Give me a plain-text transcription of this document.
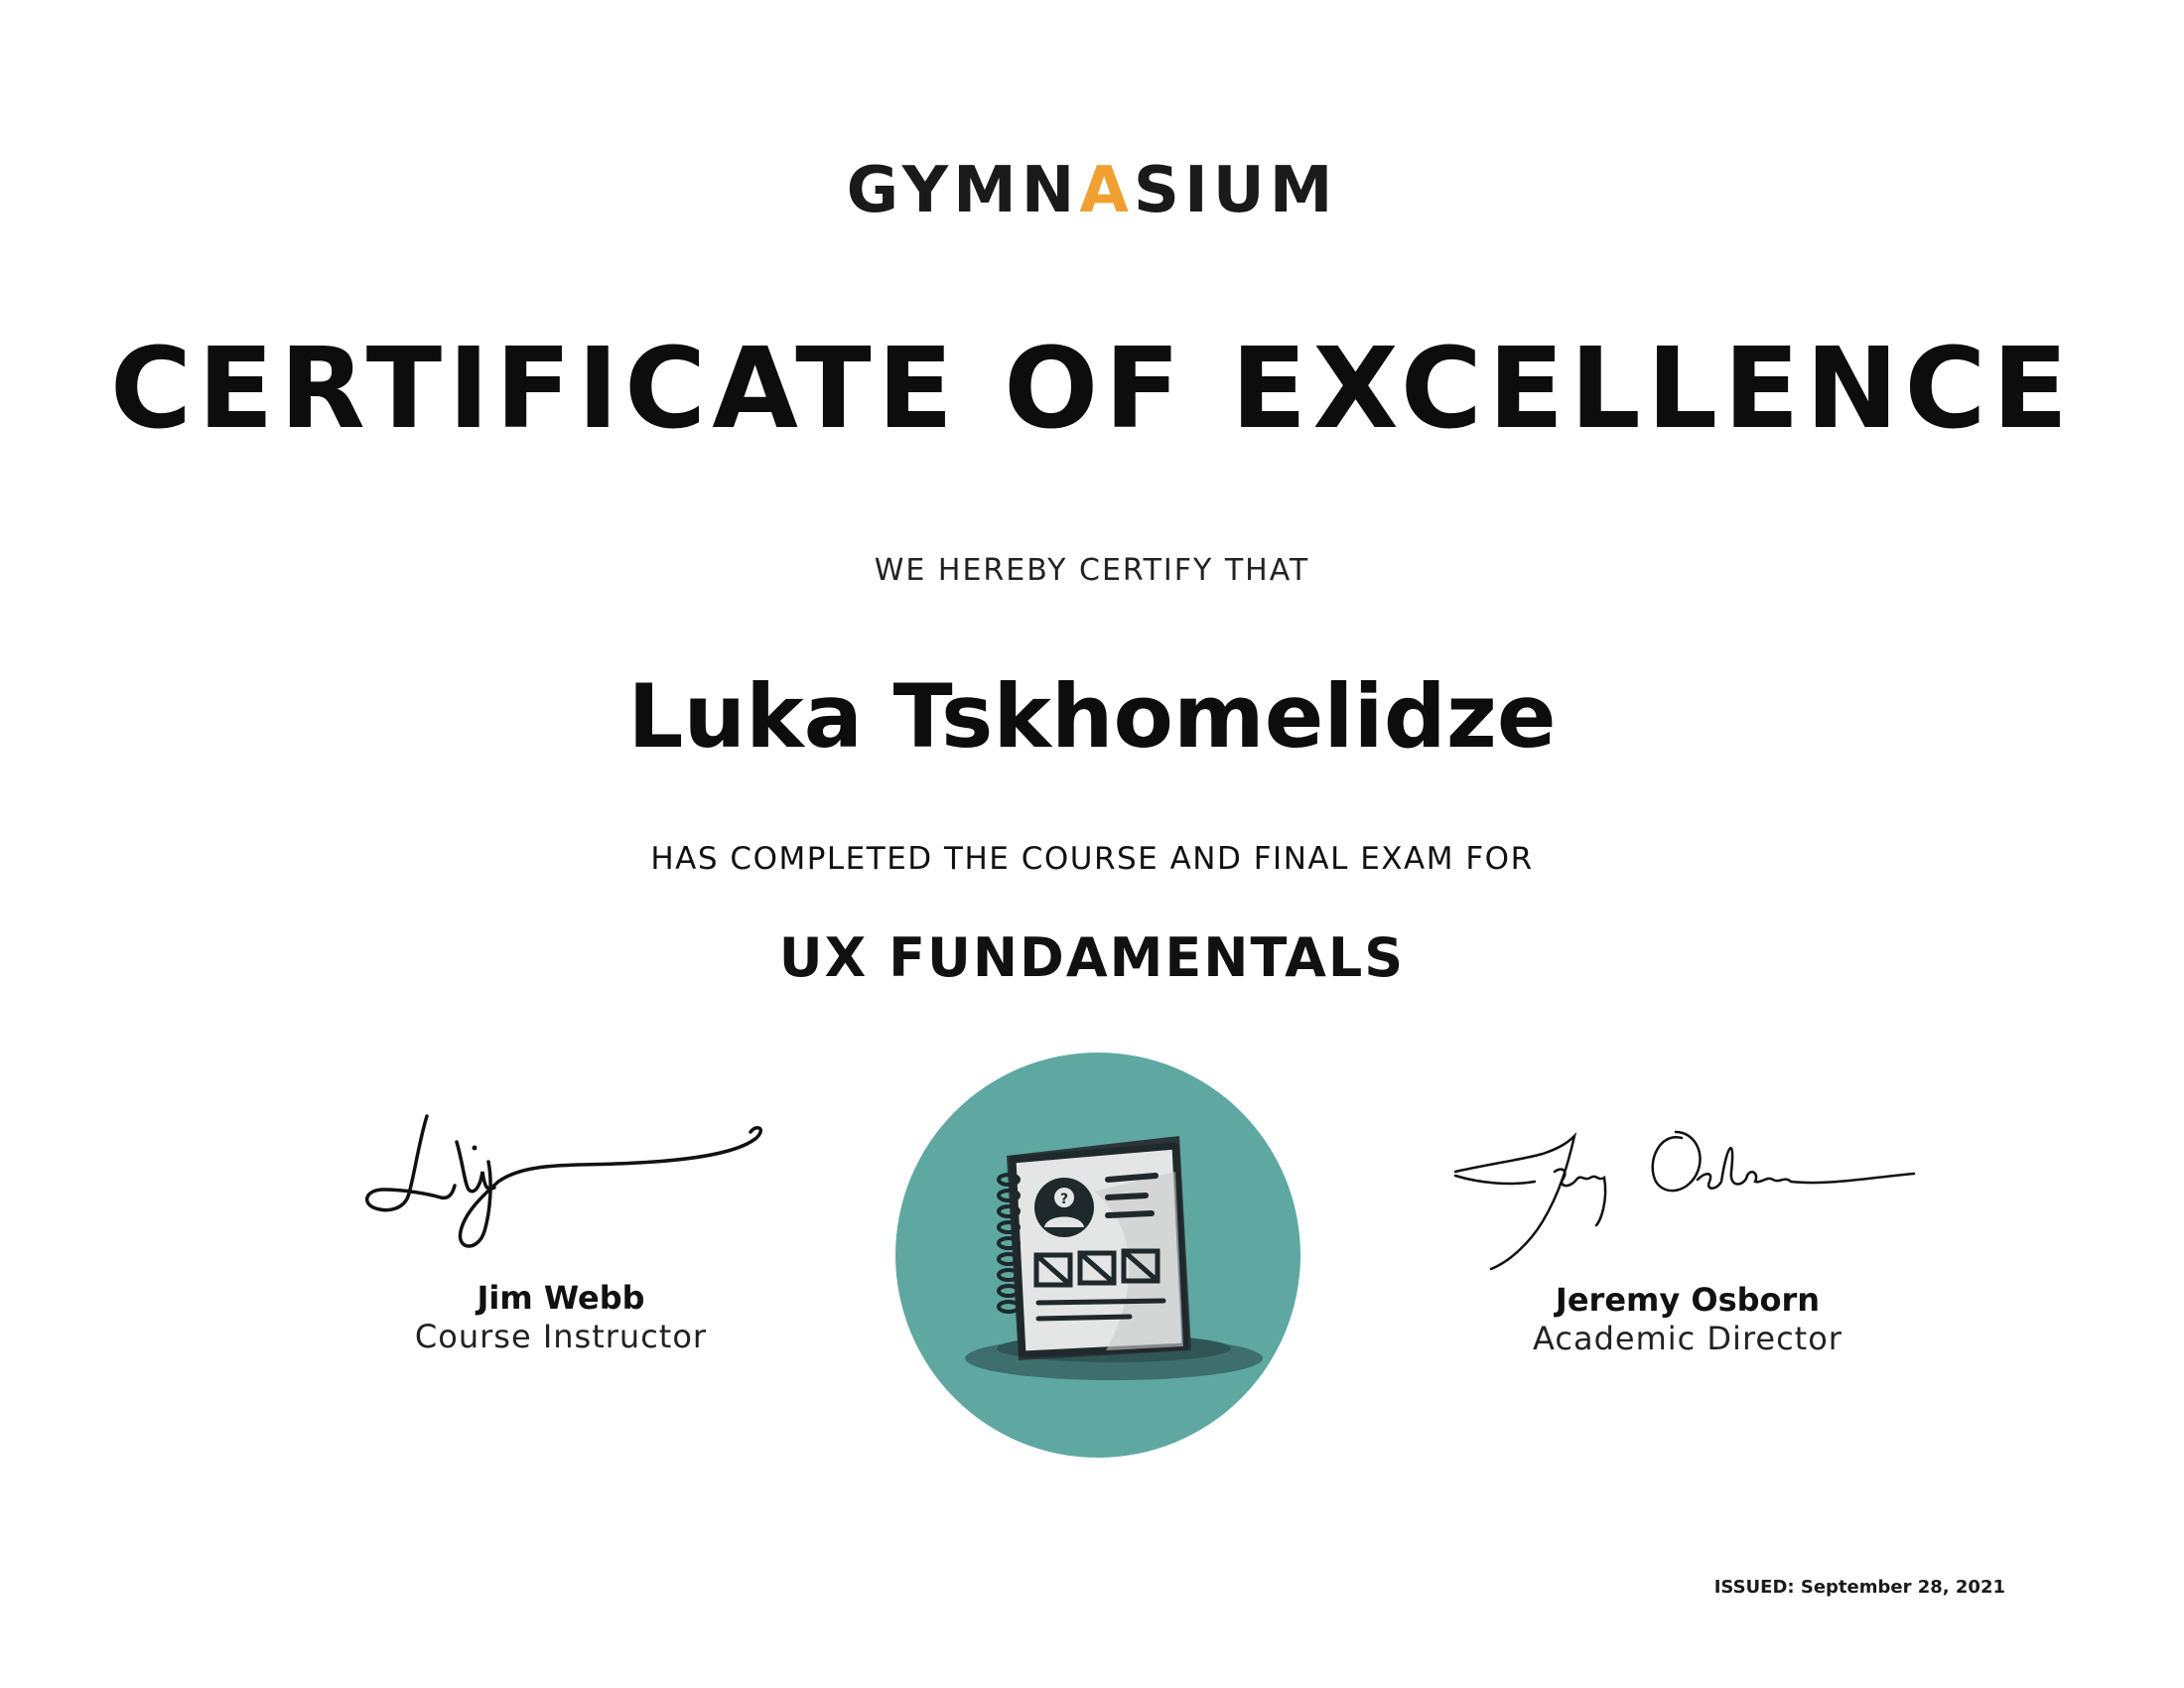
GYMNASIUM
CERTIFICATE OF EXCELLENCE
WE HEREBY CERTIFY THAT
Luka Tskhomelidze
HAS COMPLETED THE COURSE AND FINAL EXAM FOR
UX FUNDAMENTALS
Jim Webb
Course Instructor
?
Jeremy Osborn
Academic Director
ISSUED: September 28, 2021
